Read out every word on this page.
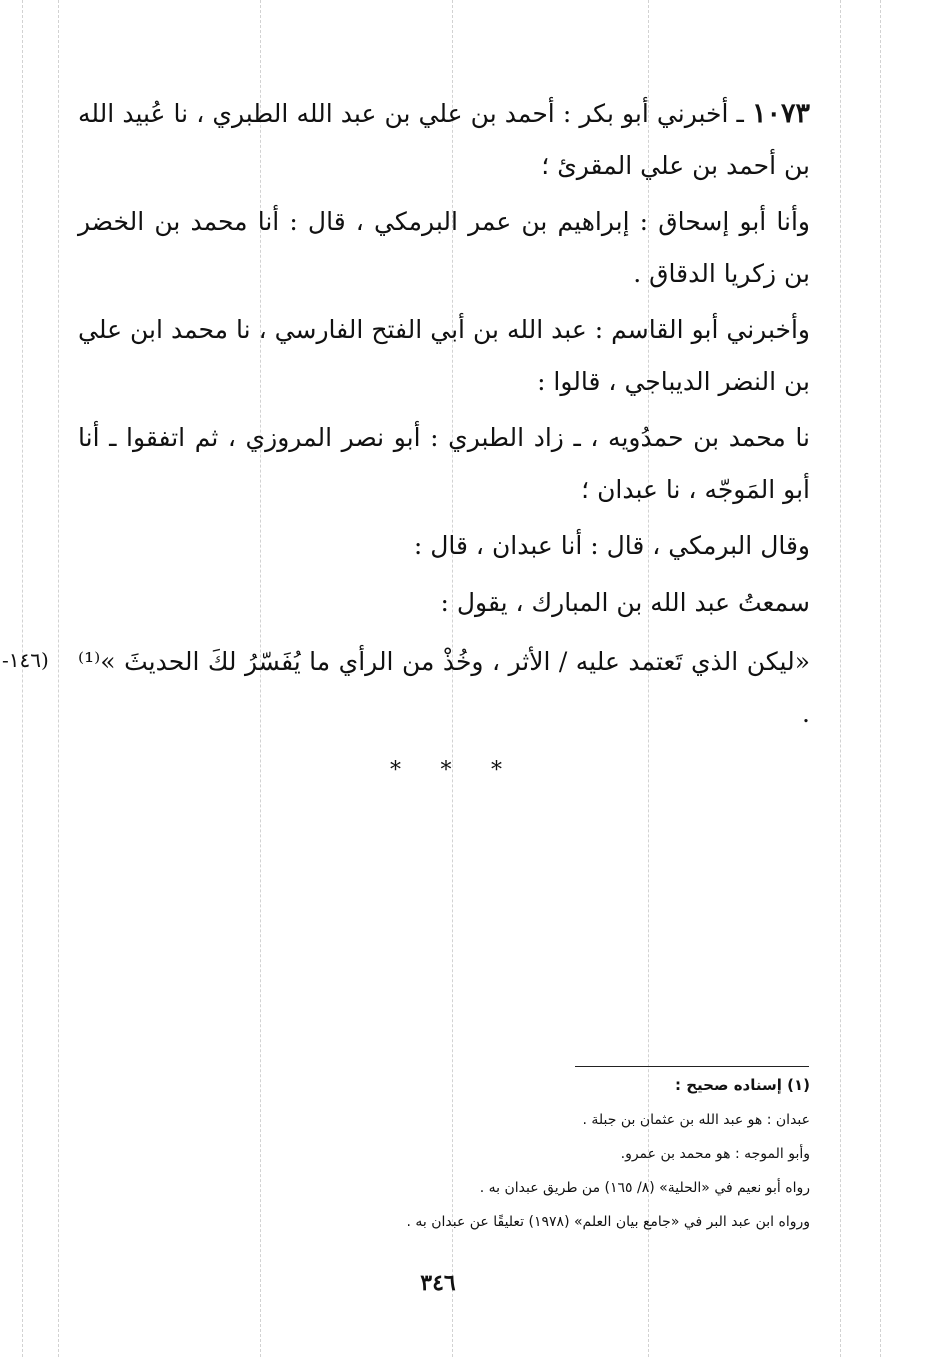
١٠٧٣ ـ أخبرني أبو بكر : أحمد بن علي بن عبد الله الطبري ، نا عُبيد الله بن أحمد بن علي المقرئ ؛
وأنا أبو إسحاق : إبراهيم بن عمر البرمكي ، قال : أنا محمد بن الخضر بن زكريا الدقاق .
وأخبرني أبو القاسم : عبد الله بن أبي الفتح الفارسي ، نا محمد ابن علي بن النضر الديباجي ، قالوا :
نا محمد بن حمدُويه ، ـ زاد الطبري : أبو نصر المروزي ، ثم اتفقوا ـ أنا أبو المَوجّه ، نا عبدان ؛
وقال البرمكي ، قال : أنا عبدان ، قال :
سمعتُ عبد الله بن المبارك ، يقول :
«ليكن الذي تَعتمد عليه / الأثر ، وخُذْ من الرأي ما يُفَسّرُ لكَ الحديثَ »⁽¹⁾ .
(١٤٦-
* * *
(١) إسناده صحيح :
عبدان : هو عبد الله بن عثمان بن جبلة .
وأبو الموجه : هو محمد بن عمرو.
رواه أبو نعيم في «الحلية» (٨/ ١٦٥) من طريق عبدان به .
ورواه ابن عبد البر في «جامع بيان العلم» (١٩٧٨) تعليقًا عن عبدان به .
٣٤٦
